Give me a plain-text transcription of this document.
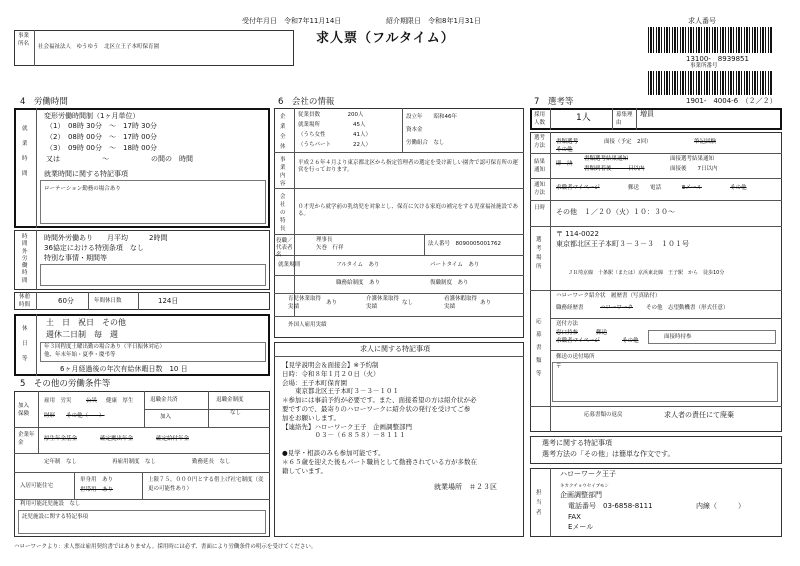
受付年月日　令和7年11月14日	紹介期限日　令和8年1月31日
求人票（フルタイム）
求人番号
13100-　8939851
事業所番号
1901-　4004-6　（２／２）
事業所名
社会福祉法人　ゆうゆう　北区立王子本町保育園
4　労働時間
就業時間
変形労働時間制（1ヶ月単位）
（1）　08時 30分　～　17時 30分
（2）　08時 00分　～　17時 00分
（3）　09時 00分　～　18時 00分
又は　　　　　　～　　　　　　の間の　時間
就業時間に関する特記事項
ローテーション勤務の場合あり
時間外労働時間
時間外労働あり　　月平均　　　2時間
36協定における特別条項　なし
特別な事情・期間等
休憩時間	60分	年間休日数	124日
休日等
土　日　祝日　その他
週休二日制　毎　週
年３回程度土曜出勤の場合あり（平日振休対応）
他、年末年始・夏季・慶弔等
6ヶ月経過後の年次有給休暇日数　10 日
5　その他の労働条件等
加入保険
雇用　労災	公災 健康　厚生
財形 その他（　　）
退職金共済
加入
退職金制度
なし
企業年金
厚生年金基金	確定拠出年金	確定給付年金
定年制　なし	再雇用制度　なし	勤務延長　なし
入居可能住宅
単身用　あり
世帯用　あり
上限７５，０００円とする借上げ社宅制度（変更の可能性あり）
利用可能託児施設　なし
託児施設に関する特記事項
6　会社の情報
企業全体
従業員数　　　　　200人
就業場所　　　　　　45人
（うち女性　　　　　41人）
（うちパート　　　　22人）
設立年　　昭和46年
資本金
労働組合　なし
事業内容
平成２６年４月より東京都北区から指定管理者の選定を受け新しい園舎で認可保育所の運営を行っております。
会社の特長
０才児から就学前の乳幼児を対象とし、保育に欠ける家庭の補完をする児童福祉施設である。
役職／代表者名
理事長
矢巻　行祥
法人番号　8090005001762
就業規則	フルタイム　あり	パートタイム　あり
職務給制度　あり	復職制度　あり
育児休業取得実績
あり
介護休業取得実績
なし
看護休暇取得実績
あり
外国人雇用実績
求人に関する特記事項
【見学説明会＆面接会】※予約制
日時：令和８年１月２０日（火）
会場：王子本町保育園
　　東京都北区王子本町３－３－１０１
＊参加には事前予約が必要です。また、面接希望の方は紹介状が必
要ですので、最寄りのハローワークに紹介状の発行を受けてご参
加をお願いします。
【連絡先】ハローワーク王子　企画調整部門
　　　　　０３－（６８５８）－８１１１
●見学・相談のみも参加可能です。
＊６５歳を迎えた後もパート職員として勤務されている方が多数在
籍しています。
就業場所　＃２３区
7　選考等
採用人数	1人	募集理由
増員
選考方法
書類選考	面接（予定　2回）	筆記試験
その他
結果通知
即　決
書類選考結果通知
書類到着後　　　日以内
面接選考結果通知
面接後　　7日以内
通知方法
求職者マイページ	郵送　　電話	Eメール	その他
日時	その他　１／２０（火）１０：３０～
選考場所
〒 114-0022
東京都北区王子本町３－３－３　１０１号
ＪＲ埼京線　十条駅（または）京浜東北線　王子駅　から　徒歩10分
応募書類等
ハローワーク紹介状　履歴書（写真貼付）
職務経歴書	ハローワーク その他　志望動機書（形式任意）
送付方法
窓口持参	郵送
求職者マイページ	その他
面接時持参
郵送の送付場所
〒
応募書類の返戻	求人者の責任にて廃棄
選考に関する特記事項
選考方法の「その他」は簡単な作文です。
担当者
ハローワーク王子
キカクチョウセイブモン
企画調整部門
電話番号　03-6858-8111	内線（　　　）
FAX
Eメール
ハローワークより：求人票は雇用契約書ではありません。採用時には必ず、書面により労働条件の明示を受けてください。
